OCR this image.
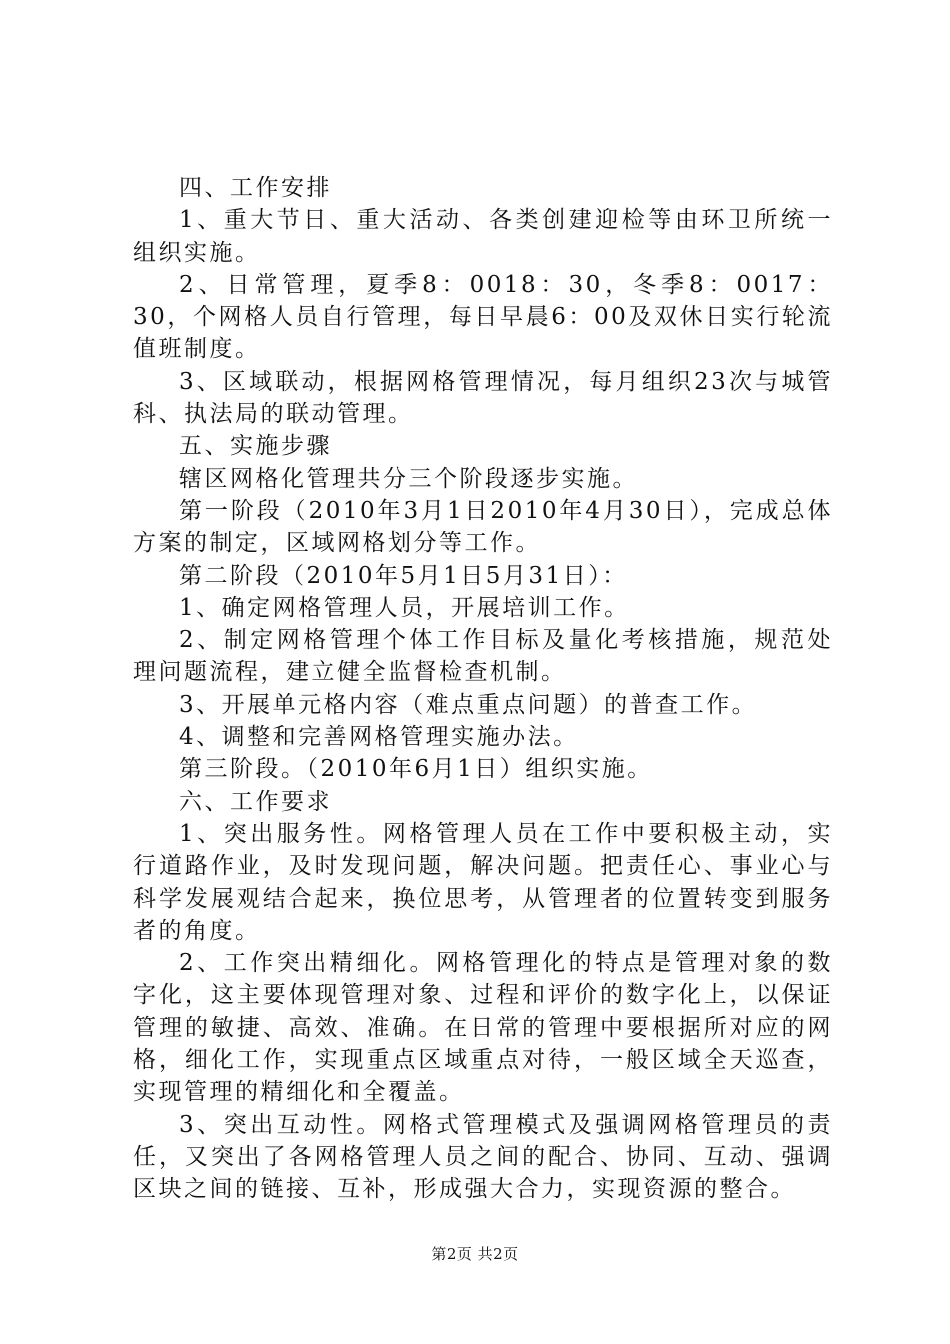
四、工作安排

1、重大节日、重大活动、各类创建迎检等由环卫所统一组织实施。

2、日常管理，夏季8：0018：30，冬季8：0017：30，个网格人员自行管理，每日早晨6：00及双休日实行轮流值班制度。

3、区域联动，根据网格管理情况，每月组织23次与城管科、执法局的联动管理。

五、实施步骤

辖区网格化管理共分三个阶段逐步实施。

第一阶段（2010年3月1日2010年4月30日），完成总体方案的制定，区域网格划分等工作。

第二阶段（2010年5月1日5月31日）：

1、确定网格管理人员，开展培训工作。

2、制定网格管理个体工作目标及量化考核措施，规范处理问题流程，建立健全监督检查机制。

3、开展单元格内容（难点重点问题）的普查工作。

4、调整和完善网格管理实施办法。

第三阶段。（2010年6月1日）组织实施。

六、工作要求

1、突出服务性。网格管理人员在工作中要积极主动，实行道路作业，及时发现问题，解决问题。把责任心、事业心与科学发展观结合起来，换位思考，从管理者的位置转变到服务者的角度。

2、工作突出精细化。网格管理化的特点是管理对象的数字化，这主要体现管理对象、过程和评价的数字化上，以保证管理的敏捷、高效、准确。在日常的管理中要根据所对应的网格，细化工作，实现重点区域重点对待，一般区域全天巡查，实现管理的精细化和全覆盖。

3、突出互动性。网格式管理模式及强调网格管理员的责任，又突出了各网格管理人员之间的配合、协同、互动、强调区块之间的链接、互补，形成强大合力，实现资源的整合。

第2页 共2页
